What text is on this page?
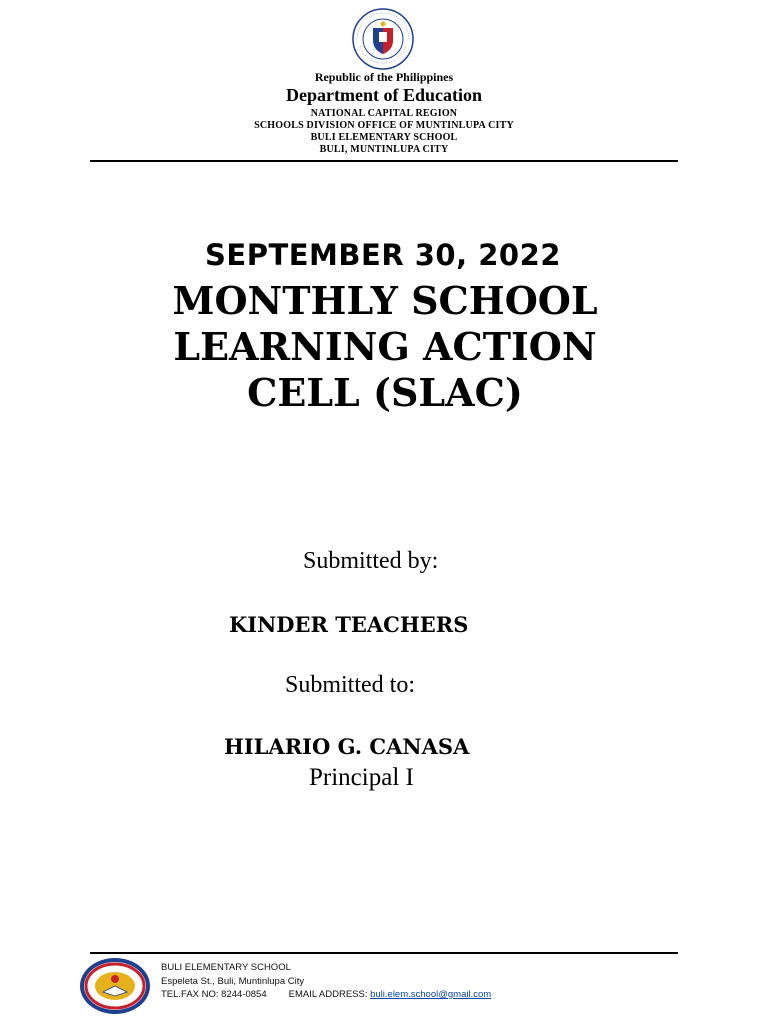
Republic of the Philippines
Department of Education
NATIONAL CAPITAL REGION
SCHOOLS DIVISION OFFICE OF MUNTINLUPA CITY
BULI ELEMENTARY SCHOOL
BULI, MUNTINLUPA CITY
SEPTEMBER 30, 2022
MONTHLY SCHOOL
LEARNING ACTION
CELL (SLAC)
Submitted by:
KINDER TEACHERS
Submitted to:
HILARIO G. CANASA
Principal I
BULI ELEMENTARY SCHOOL
Espeleta St., Buli, Muntinlupa City
TEL.FAX NO: 8244-0854 EMAIL ADDRESS: buli.elem.school@gmail.com
